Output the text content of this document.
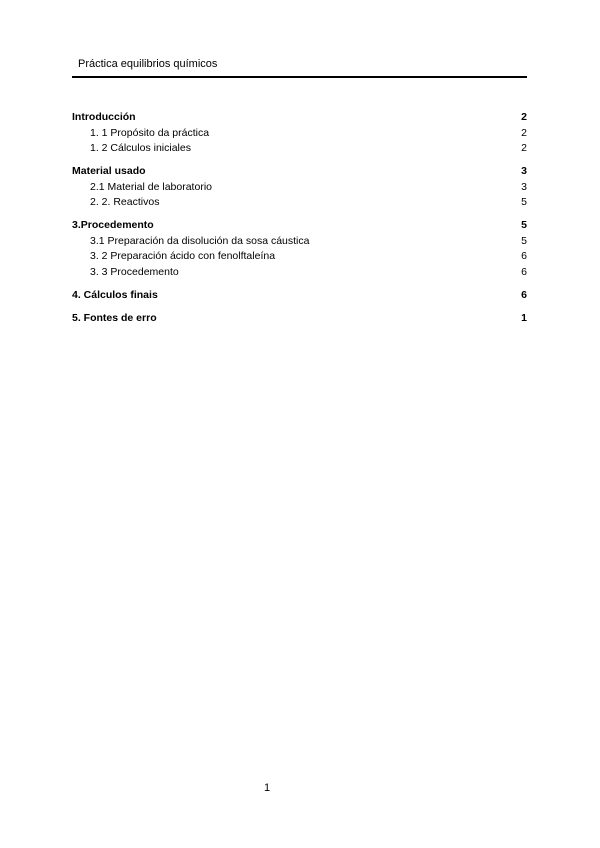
Práctica equilibrios químicos
Introducción	2
1. 1 Propósito da práctica	2
1. 2 Cálculos iniciales	2
Material usado	3
2.1 Material de laboratorio	3
2. 2. Reactivos	5
3.Procedemento	5
3.1 Preparación da disolución da sosa cáustica	5
3. 2 Preparación ácido con fenolftaleína	6
3. 3 Procedemento	6
4. Cálculos finais	6
5. Fontes de erro	1
1
